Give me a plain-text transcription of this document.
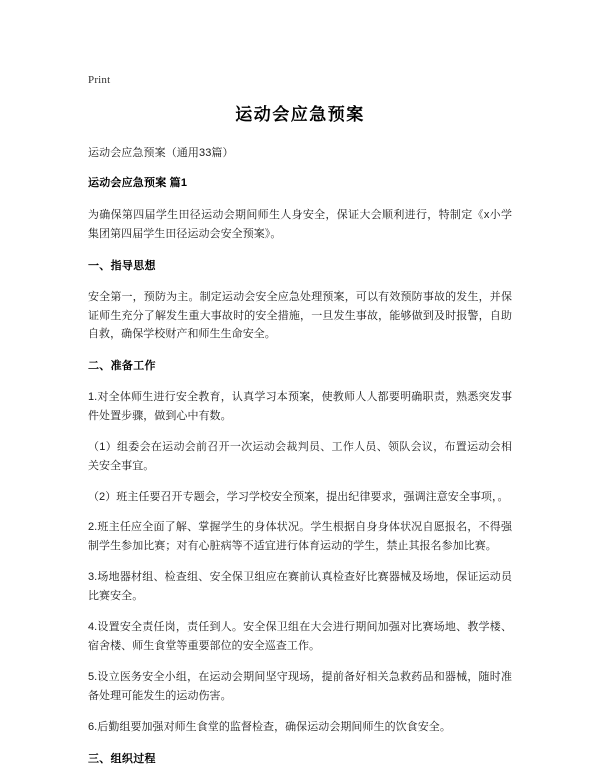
Print
运动会应急预案
运动会应急预案（通用33篇）
运动会应急预案 篇1

为确保第四届学生田径运动会期间师生人身安全，保证大会顺利进行，特制定《x小学集团第四届学生田径运动会安全预案》。

一、指导思想

安全第一，预防为主。制定运动会安全应急处理预案，可以有效预防事故的发生，并保证师生充分了解发生重大事故时的安全措施，一旦发生事故，能够做到及时报警，自助自救，确保学校财产和师生生命安全。

二、准备工作

1.对全体师生进行安全教育，认真学习本预案，使教师人人都要明确职责，熟悉突发事件处置步骤，做到心中有数。

（1）组委会在运动会前召开一次运动会裁判员、工作人员、领队会议，布置运动会相关安全事宜。

（2）班主任要召开专题会，学习学校安全预案，提出纪律要求，强调注意安全事项，。

2.班主任应全面了解、掌握学生的身体状况。学生根据自身身体状况自愿报名，不得强制学生参加比赛；对有心脏病等不适宜进行体育运动的学生，禁止其报名参加比赛。

3.场地器材组、检查组、安全保卫组应在赛前认真检查好比赛器械及场地，保证运动员比赛安全。

4.设置安全责任岗，责任到人。安全保卫组在大会进行期间加强对比赛场地、教学楼、宿舍楼、师生食堂等重要部位的安全巡查工作。

5.设立医务安全小组，在运动会期间坚守现场，提前备好相关急救药品和器械，随时准备处理可能发生的运动伤害。

6.后勤组要加强对师生食堂的监督检查，确保运动会期间师生的饮食安全。

三、组织过程
